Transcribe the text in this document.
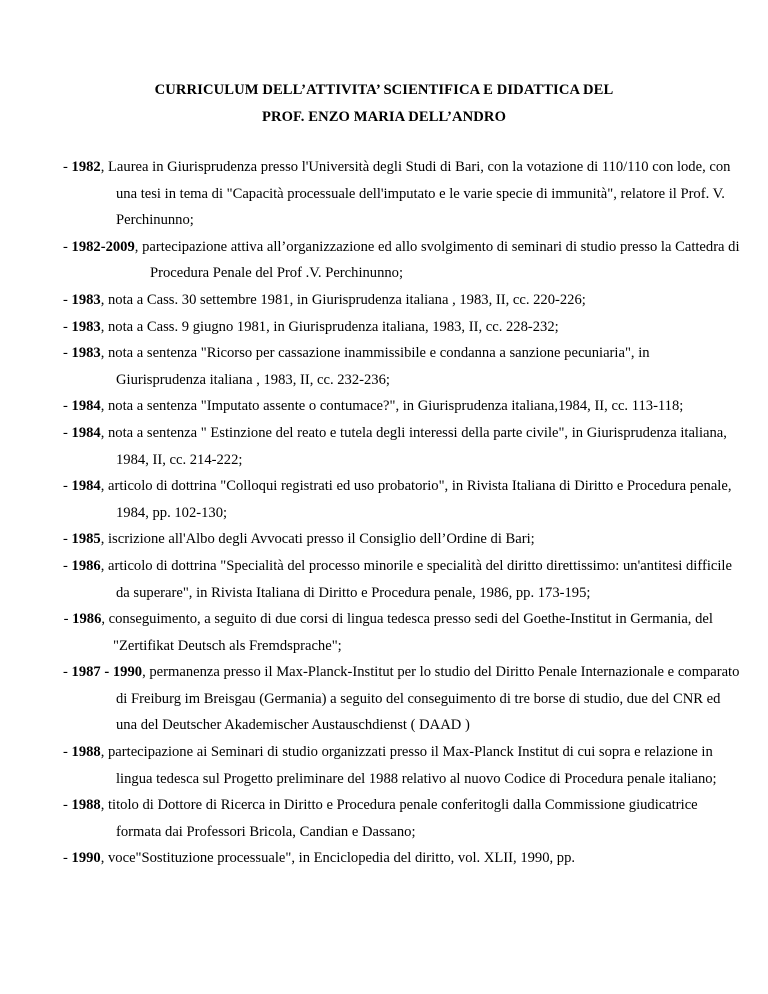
CURRICULUM DELL’ATTIVITA’ SCIENTIFICA E DIDATTICA DEL

PROF. ENZO MARIA DELL’ANDRO

- 1982, Laurea in Giurisprudenza presso l'Università degli Studi di Bari, con la votazione di 110/110 con lode, con una tesi in tema di "Capacità processuale dell'imputato e le varie specie di immunità", relatore il Prof. V. Perchinunno;

- 1982-2009, partecipazione attiva all’organizzazione ed allo svolgimento di seminari di studio presso la Cattedra di Procedura Penale del Prof .V. Perchinunno;

- 1983, nota a Cass. 30 settembre 1981, in Giurisprudenza italiana , 1983, II, cc. 220-226;

- 1983, nota a Cass. 9 giugno 1981, in Giurisprudenza italiana, 1983, II, cc. 228-232;

- 1983, nota a sentenza "Ricorso per cassazione inammissibile e condanna a sanzione pecuniaria", in Giurisprudenza italiana , 1983, II, cc. 232-236;

- 1984, nota a sentenza "Imputato assente o contumace?", in Giurisprudenza italiana,1984, II, cc. 113-118;

- 1984, nota a sentenza " Estinzione del reato e tutela degli interessi della parte civile", in Giurisprudenza italiana, 1984, II, cc. 214-222;

- 1984, articolo di dottrina "Colloqui registrati ed uso probatorio", in Rivista Italiana di Diritto e Procedura penale, 1984, pp. 102-130;

- 1985, iscrizione all'Albo degli Avvocati presso il Consiglio dell’Ordine di Bari;

- 1986, articolo di dottrina "Specialità del processo minorile e specialità del diritto direttissimo: un'antitesi difficile da superare", in Rivista Italiana di Diritto e Procedura penale, 1986, pp. 173-195;

- 1986, conseguimento, a seguito di due corsi di lingua tedesca presso sedi del Goethe-Institut in Germania, del "Zertifikat Deutsch als Fremdsprache";

- 1987 - 1990, permanenza presso il Max-Planck-Institut per lo studio del Diritto Penale Internazionale e comparato di Freiburg im Breisgau (Germania) a seguito del conseguimento di tre borse di studio, due del CNR ed una del Deutscher Akademischer Austauschdienst ( DAAD )

- 1988, partecipazione ai Seminari di studio organizzati presso il Max-Planck Institut di cui sopra e relazione in lingua tedesca sul Progetto preliminare del 1988 relativo al nuovo Codice di Procedura penale italiano;

- 1988, titolo di Dottore di Ricerca in Diritto e Procedura penale conferitogli dalla Commissione giudicatrice formata dai Professori Bricola, Candian e Dassano;

- 1990, voce"Sostituzione processuale", in Enciclopedia del diritto, vol. XLII, 1990, pp.
